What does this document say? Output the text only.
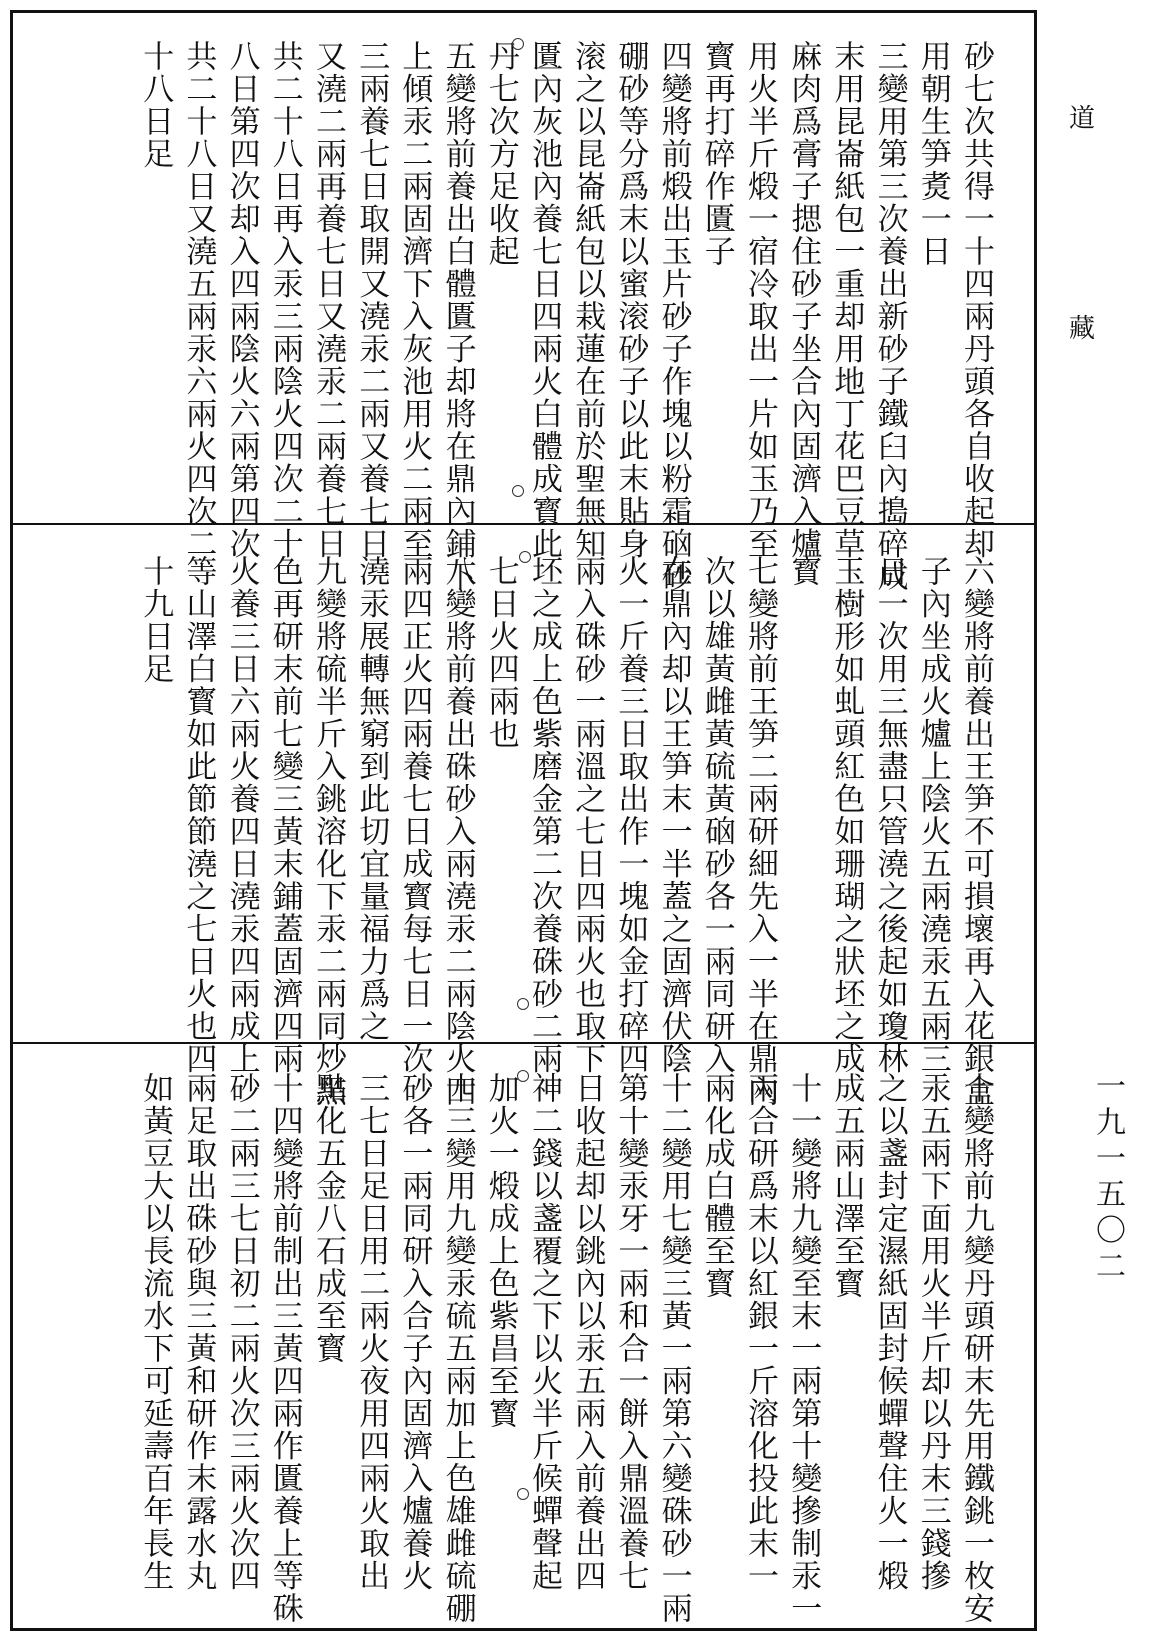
砂七次共得一十四兩丹頭各自收起却
用朝生笋煑一日
三變用第三次養出新砂子鐵臼內搗碎成
末用昆崙紙包一重却用地丁花巴豆草
麻肉爲膏子揌住砂子坐合內固濟入爐
用火半斤煅一宿冷取出一片如玉乃至
寳再打碎作匱子
四變將前煅出玉片砂子作塊以粉霜硇砂
硼砂等分爲末以蜜滚砂子以此末貼身
滚之以昆崙紙包以栽蓮在前於聖無知
匱內灰池內養七日四兩火白體成寳此
丹七次方足收起
五變將前養出白體匱子却將在鼎內鋪下
上傾汞二兩固濟下入灰池用火二兩至
三兩養七日取開又澆汞二兩又養七日
又澆二兩再養七日又澆汞二兩養七日
共二十八日再入汞三兩陰火四次二十
八日第四次却入四兩陰火六兩第四次
共二十八日又澆五兩汞六兩火四次二
十八日足
六變將前養出王笋不可損壞再入花銀盒
子內坐成火爐上陰火五兩澆汞五兩三
日一次用三無盡只管澆之後起如瓊林
玉樹形如虬頭紅色如珊瑚之狀坯之成
寳
七變將前王笋二兩研細先入一半在鼎內
次以雄黃雌黃硫黃硇砂各一兩同研入
在鼎內却以王笋末一半蓋之固濟伏陰
火一斤養三日取出作一塊如金打碎四
兩入硃砂一兩溫之七日四兩火也取下
坯之成上色紫磨金第二次養硃砂二兩
七日火四兩也
八變將前養出硃砂入兩澆汞二兩陰火四
兩四正火四兩養七日成寳每七日一次
澆汞展轉無窮到此切宜量福力爲之
九變將硫半斤入銚溶化下汞二兩同炒黑
色再研末前七變三黃末鋪蓋固濟四兩
火養三日六兩火養四日澆汞四兩成上
等山澤白寳如此節節澆之七日火也四
十九日足
十變將前九變丹頭研末先用鐵銚一枚安
汞五兩下面用火半斤却以丹末三錢摻
之以盞封定濕紙固封候蟬聲住火一煅
成五兩山澤至寳
十一變將九變至末一兩第十變摻制汞一
兩合研爲末以紅銀一斤溶化投此末一
兩化成白體至寳
十二變用七變三黃一兩第六變硃砂一兩
第十變汞牙一兩和合一餅入鼎溫養七
日收起却以銚內以汞五兩入前養出四
神二錢以盞覆之下以火半斤候蟬聲起
加火一煅成上色紫昌至寳
十三變用九變汞硫五兩加上色雄雌硫硼
砂各一兩同研入合子內固濟入爐養火
三七日足日用二兩火夜用四兩火取出
點化五金八石成至寳
十四變將前制出三黃四兩作匱養上等硃
砂二兩三七日初二兩火次三兩火次四
兩足取出硃砂與三黃和研作末露水丸
如黃豆大以長流水下可延壽百年長生
道
藏
一九一五〇二
